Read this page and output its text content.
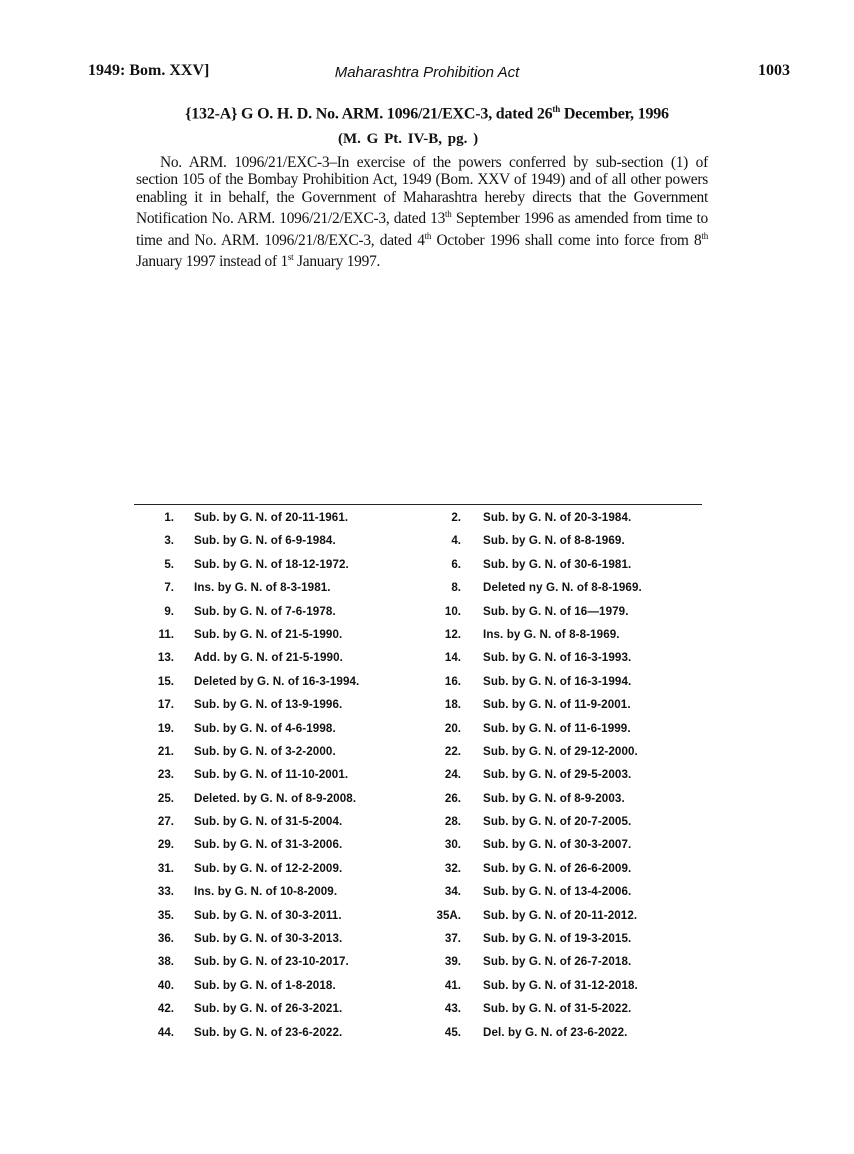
1949: Bom. XXV]	Maharashtra Prohibition Act	1003
{132-A} G O. H. D. No. ARM. 1096/21/EXC-3, dated 26th December, 1996
(M. G Pt. IV-B, pg. )
No. ARM. 1096/21/EXC-3–In exercise of the powers conferred by sub-section (1) of section 105 of the Bombay Prohibition Act, 1949 (Bom. XXV of 1949) and of all other powers enabling it in behalf, the Government of Maharashtra hereby directs that the Government Notification No. ARM. 1096/21/2/EXC-3, dated 13th September 1996 as amended from time to time and No. ARM. 1096/21/8/EXC-3, dated 4th October 1996 shall come into force from 8th January 1997 instead of 1st January 1997.
1. Sub. by G. N. of 20-11-1961.	2. Sub. by G. N. of 20-3-1984.
3. Sub. by G. N. of 6-9-1984.	4. Sub. by G. N. of 8-8-1969.
5. Sub. by G. N. of 18-12-1972.	6. Sub. by G. N. of 30-6-1981.
7. Ins. by G. N. of 8-3-1981.	8. Deleted ny G. N. of 8-8-1969.
9. Sub. by G. N. of 7-6-1978.	10. Sub. by G. N. of 16—1979.
11. Sub. by G. N. of 21-5-1990.	12. Ins. by G. N. of 8-8-1969.
13. Add. by G. N. of 21-5-1990.	14. Sub. by G. N. of 16-3-1993.
15. Deleted by G. N. of 16-3-1994.	16. Sub. by G. N. of 16-3-1994.
17. Sub. by G. N. of 13-9-1996.	18. Sub. by G. N. of 11-9-2001.
19. Sub. by G. N. of 4-6-1998.	20. Sub. by G. N. of 11-6-1999.
21. Sub. by G. N. of 3-2-2000.	22. Sub. by G. N. of 29-12-2000.
23. Sub. by G. N. of 11-10-2001.	24. Sub. by G. N. of 29-5-2003.
25. Deleted. by G. N. of 8-9-2008.	26. Sub. by G. N. of 8-9-2003.
27. Sub. by G. N. of 31-5-2004.	28. Sub. by G. N. of 20-7-2005.
29. Sub. by G. N. of 31-3-2006.	30. Sub. by G. N. of 30-3-2007.
31. Sub. by G. N. of 12-2-2009.	32. Sub. by G. N. of 26-6-2009.
33. Ins. by G. N. of 10-8-2009.	34. Sub. by G. N. of 13-4-2006.
35. Sub. by G. N. of 30-3-2011.	35A. Sub. by G. N. of 20-11-2012.
36. Sub. by G. N. of 30-3-2013.	37. Sub. by G. N. of 19-3-2015.
38. Sub. by G. N. of 23-10-2017.	39. Sub. by G. N. of 26-7-2018.
40. Sub. by G. N. of 1-8-2018.	41. Sub. by G. N. of 31-12-2018.
42. Sub. by G. N. of 26-3-2021.	43. Sub. by G. N. of 31-5-2022.
44. Sub. by G. N. of 23-6-2022.	45. Del. by G. N. of 23-6-2022.
